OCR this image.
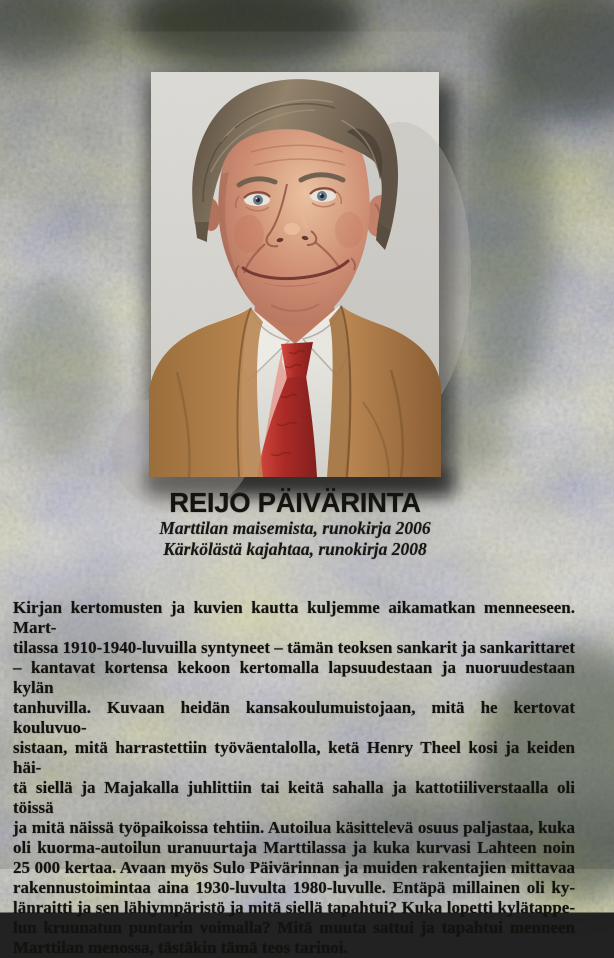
REIJO PÄIVÄRINTA
Marttilan maisemista, runokirja 2006
Kärkölästä kajahtaa, runokirja 2008
Kirjan kertomusten ja kuvien kautta kuljemme aikamatkan menneeseen. Mart-
tilassa 1910-1940-luvuilla syntyneet – tämän teoksen sankarit ja sankarittaret
– kantavat kortensa kekoon kertomalla lapsuudestaan ja nuoruudestaan kylän
tanhuvilla. Kuvaan heidän kansakoulumuistojaan, mitä he kertovat kouluvuo-
sistaan, mitä harrastettiin työväentalolla, ketä Henry Theel kosi ja keiden häi-
tä siellä ja Majakalla juhlittiin tai keitä sahalla ja kattotiiliverstaalla oli töissä
ja mitä näissä työpaikoissa tehtiin. Autoilua käsittelevä osuus paljastaa, kuka
oli kuorma-autoilun uranuurtaja Marttilassa ja kuka kurvasi Lahteen noin
25 000 kertaa. Avaan myös Sulo Päivärinnan ja muiden rakentajien mittavaa
rakennustoimintaa aina 1930-luvulta 1980-luvulle. Entäpä millainen oli ky-
länraitti ja sen lähiympäristö ja mitä siellä tapahtui? Kuka lopetti kylätappe-
lun kruunatun puntarin voimalla? Mitä muuta sattui ja tapahtui menneen
Marttilan menossa, tästäkin tämä teos tarinoi.
